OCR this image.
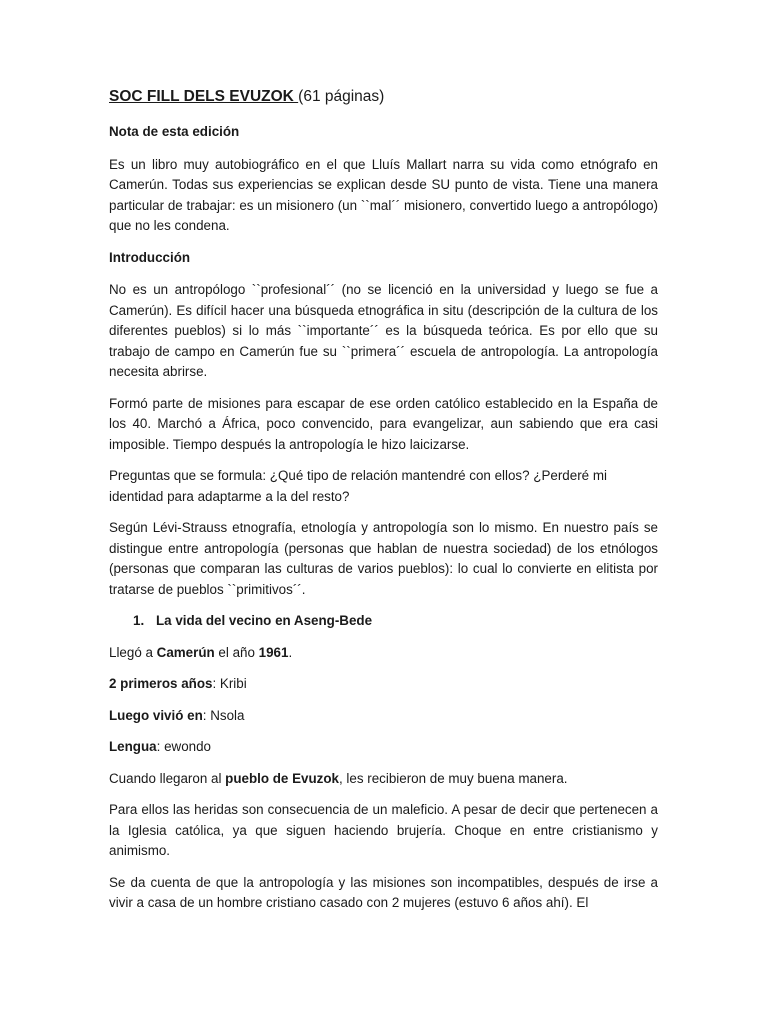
SOC FILL DELS EVUZOK (61 páginas)
Nota de esta edición

Es un libro muy autobiográfico en el que Lluís Mallart narra su vida como etnógrafo en Camerún. Todas sus experiencias se explican desde SU punto de vista. Tiene una manera particular de trabajar: es un misionero (un ``mal´´ misionero, convertido luego a antropólogo) que no les condena.

Introducción

No es un antropólogo ``profesional´´ (no se licenció en la universidad y luego se fue a Camerún). Es difícil hacer una búsqueda etnográfica in situ (descripción de la cultura de los diferentes pueblos) si lo más ``importante´´ es la búsqueda teórica. Es por ello que su trabajo de campo en Camerún fue su ``primera´´ escuela de antropología. La antropología necesita abrirse.

Formó parte de misiones para escapar de ese orden católico establecido en la España de los 40. Marchó a África, poco convencido, para evangelizar, aun sabiendo que era casi imposible. Tiempo después la antropología le hizo laicizarse.

Preguntas que se formula: ¿Qué tipo de relación mantendré con ellos? ¿Perderé mi identidad para adaptarme a la del resto?

Según Lévi-Strauss etnografía, etnología y antropología son lo mismo. En nuestro país se distingue entre antropología (personas que hablan de nuestra sociedad) de los etnólogos (personas que comparan las culturas de varios pueblos): lo cual lo convierte en elitista por tratarse de pueblos ``primitivos´´.

1. La vida del vecino en Aseng-Bede
Llegó a Camerún el año 1961.
2 primeros años: Kribi
Luego vivió en: Nsola
Lengua: ewondo
Cuando llegaron al pueblo de Evuzok, les recibieron de muy buena manera.

Para ellos las heridas son consecuencia de un maleficio. A pesar de decir que pertenecen a la Iglesia católica, ya que siguen haciendo brujería. Choque en entre cristianismo y animismo.

Se da cuenta de que la antropología y las misiones son incompatibles, después de irse a vivir a casa de un hombre cristiano casado con 2 mujeres (estuvo 6 años ahí). El
